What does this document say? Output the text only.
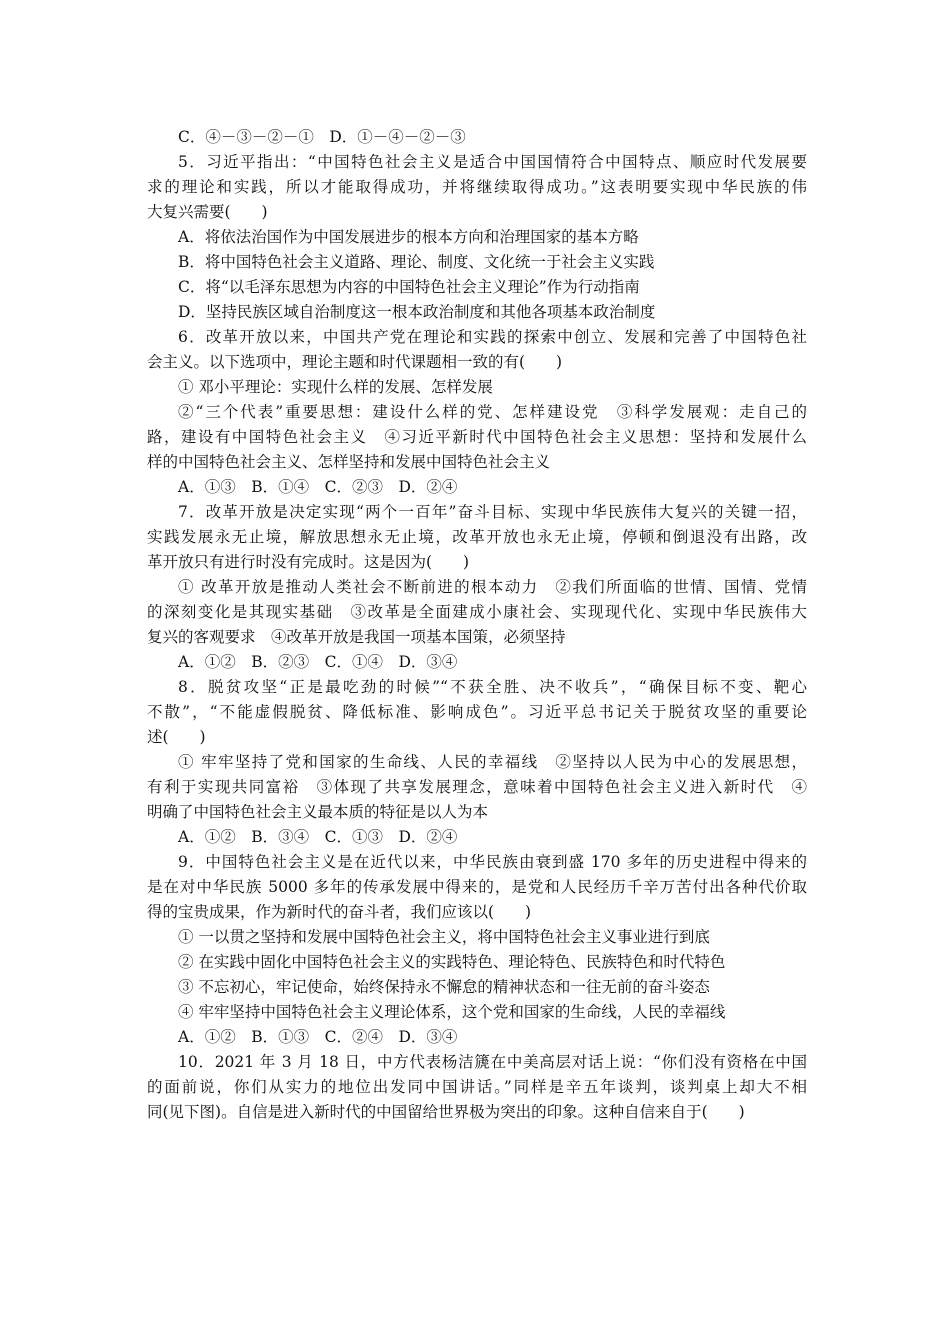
C．④－③－②－①　D．①－④－②－③
5．习近平指出：“中国特色社会主义是适合中国国情符合中国特点、顺应时代发展要
求的理论和实践，所以才能取得成功，并将继续取得成功。”这表明要实现中华民族的伟
大复兴需要(　　)
A．将依法治国作为中国发展进步的根本方向和治理国家的基本方略
B．将中国特色社会主义道路、理论、制度、文化统一于社会主义实践
C．将“以毛泽东思想为内容的中国特色社会主义理论”作为行动指南
D．坚持民族区域自治制度这一根本政治制度和其他各项基本政治制度
6．改革开放以来，中国共产党在理论和实践的探索中创立、发展和完善了中国特色社
会主义。以下选项中，理论主题和时代课题相一致的有(　　)
① 邓小平理论：实现什么样的发展、怎样发展
②“三个代表”重要思想：建设什么样的党、怎样建设党　③科学发展观：走自己的
路，建设有中国特色社会主义　④习近平新时代中国特色社会主义思想：坚持和发展什么
样的中国特色社会主义、怎样坚持和发展中国特色社会主义
A．①③　B．①④　C．②③　D．②④
7．改革开放是决定实现“两个一百年”奋斗目标、实现中华民族伟大复兴的关键一招，
实践发展永无止境，解放思想永无止境，改革开放也永无止境，停顿和倒退没有出路，改
革开放只有进行时没有完成时。这是因为(　　)
① 改革开放是推动人类社会不断前进的根本动力　②我们所面临的世情、国情、党情
的深刻变化是其现实基础　③改革是全面建成小康社会、实现现代化、实现中华民族伟大
复兴的客观要求　④改革开放是我国一项基本国策，必须坚持
A．①②　B．②③　C．①④　D．③④
8．脱贫攻坚“正是最吃劲的时候”“不获全胜、决不收兵”，“确保目标不变、靶心
不散”，“不能虚假脱贫、降低标准、影响成色”。习近平总书记关于脱贫攻坚的重要论
述(　　)
① 牢牢坚持了党和国家的生命线、人民的幸福线　②坚持以人民为中心的发展思想，
有利于实现共同富裕　③体现了共享发展理念，意味着中国特色社会主义进入新时代　④
明确了中国特色社会主义最本质的特征是以人为本
A．①②　B．③④　C．①③　D．②④
9．中国特色社会主义是在近代以来，中华民族由衰到盛 170 多年的历史进程中得来的
是在对中华民族 5000 多年的传承发展中得来的，是党和人民经历千辛万苦付出各种代价取
得的宝贵成果，作为新时代的奋斗者，我们应该以(　　)
① 一以贯之坚持和发展中国特色社会主义，将中国特色社会主义事业进行到底
② 在实践中固化中国特色社会主义的实践特色、理论特色、民族特色和时代特色
③ 不忘初心，牢记使命，始终保持永不懈怠的精神状态和一往无前的奋斗姿态
④ 牢牢坚持中国特色社会主义理论体系，这个党和国家的生命线，人民的幸福线
A．①②　B．①③　C．②④　D．③④
10．2021 年 3 月 18 日，中方代表杨洁篪在中美高层对话上说：“你们没有资格在中国
的面前说，你们从实力的地位出发同中国讲话。”同样是辛五年谈判，谈判桌上却大不相
同(见下图)。自信是进入新时代的中国留给世界极为突出的印象。这种自信来自于(　　)
